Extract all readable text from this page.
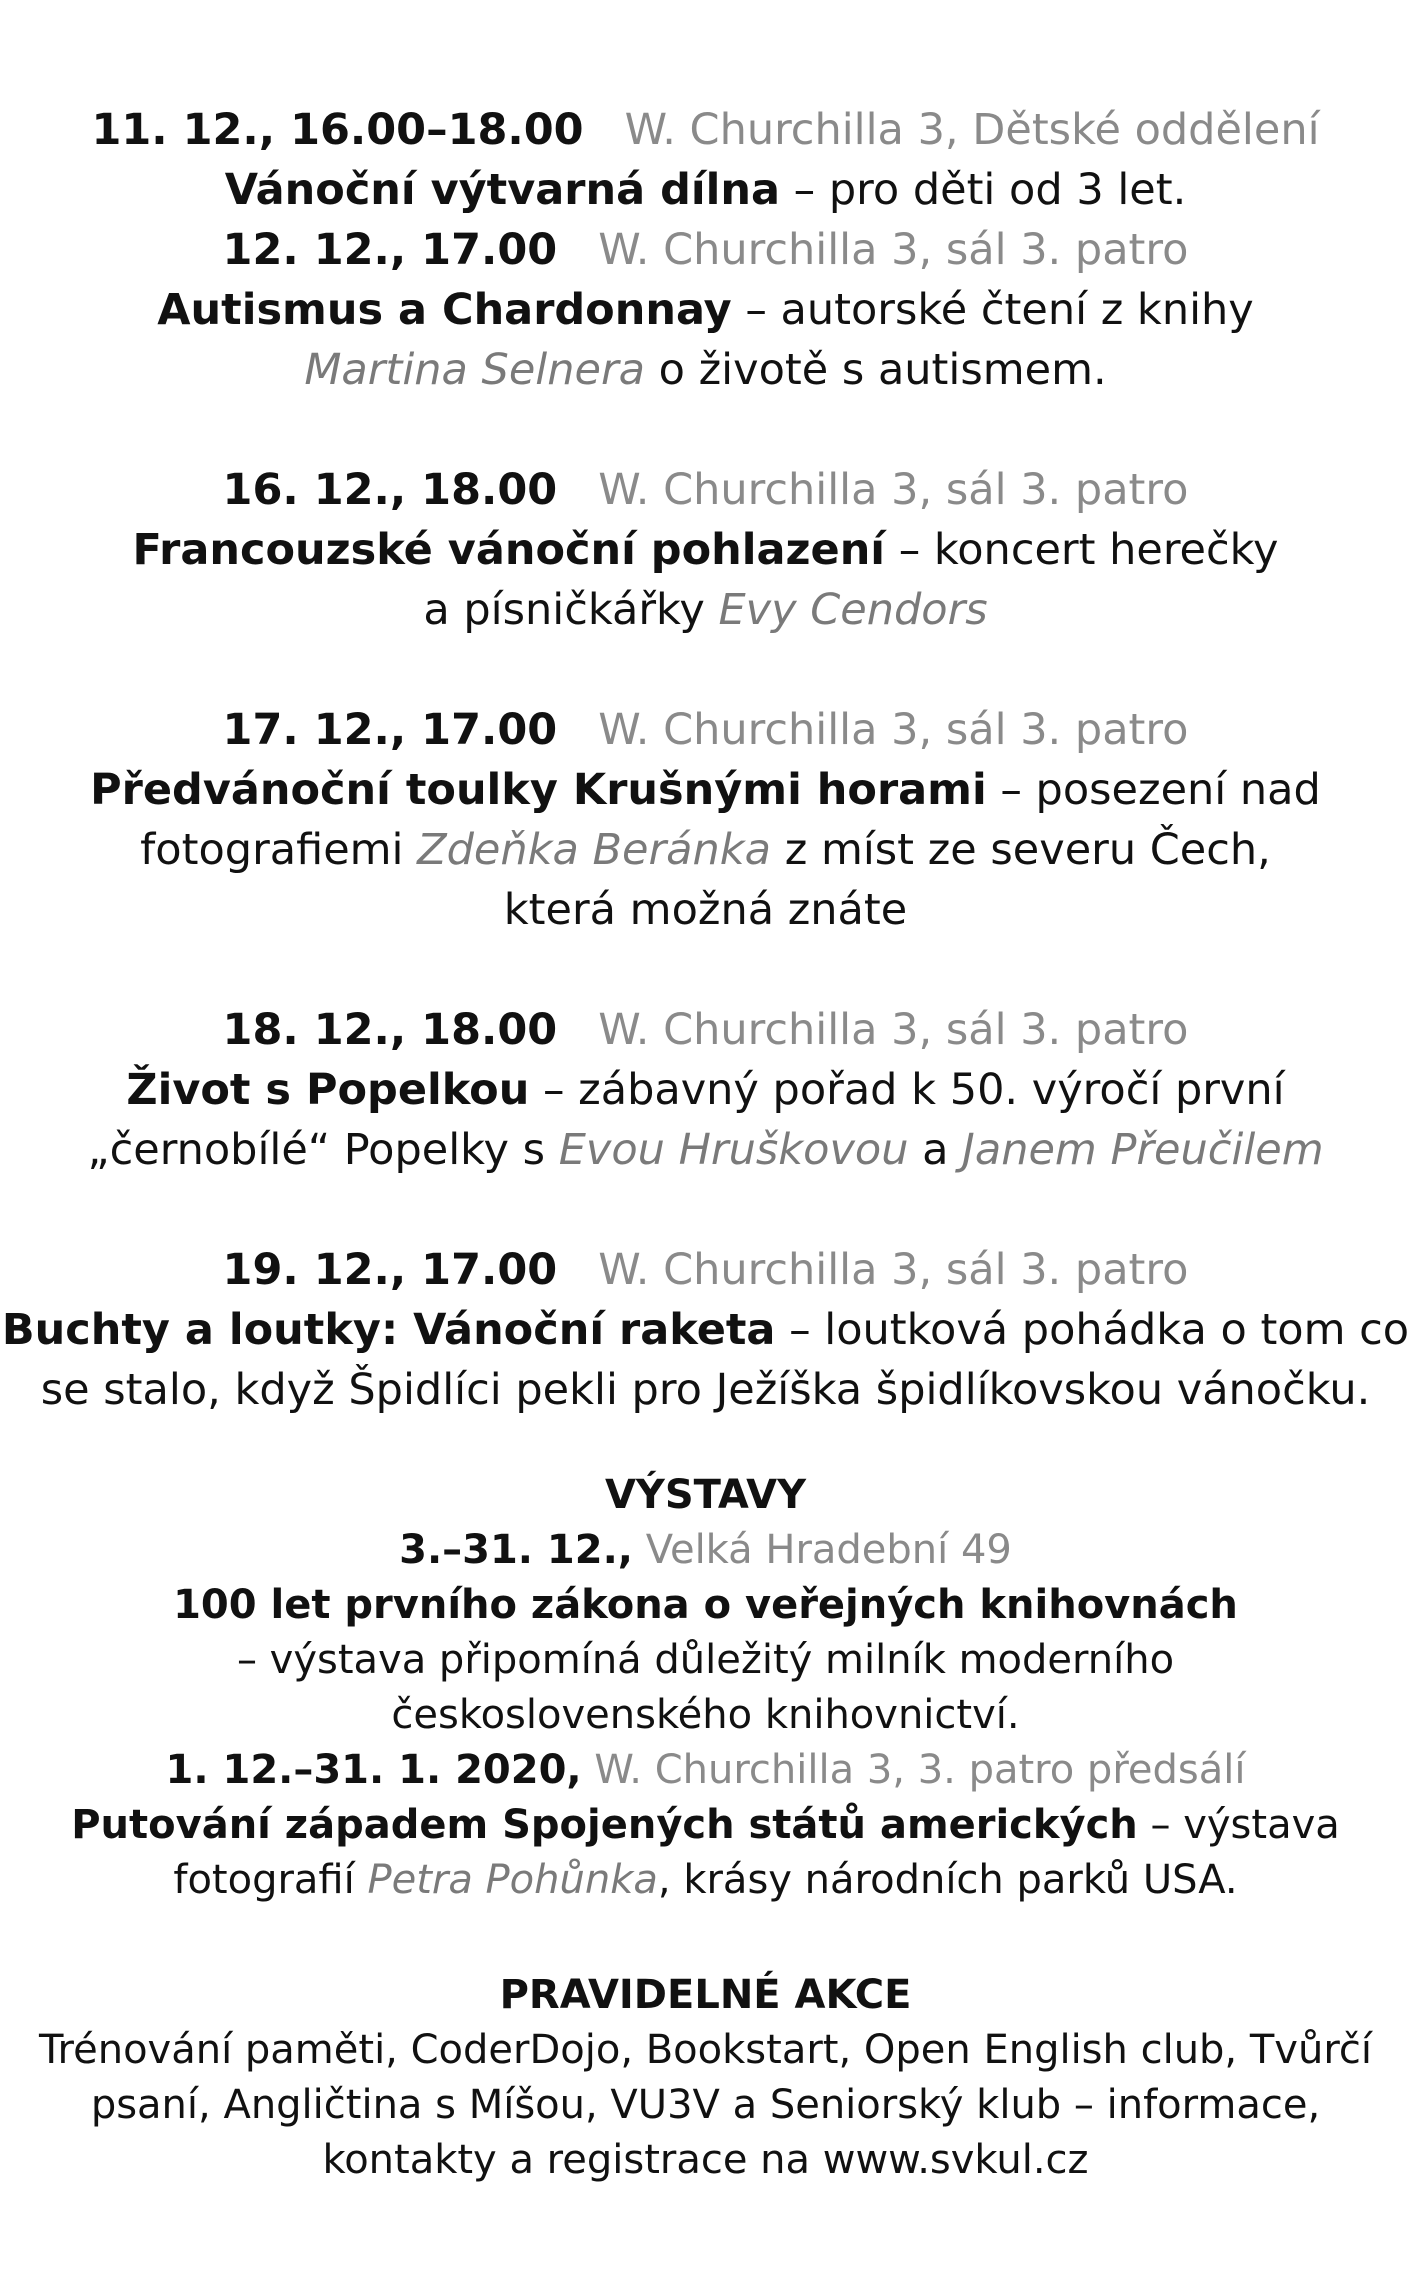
11. 12., 16.00–18.00 W. Churchilla 3, Dětské oddělení
Vánoční výtvarná dílna – pro děti od 3 let.
12. 12., 17.00 W. Churchilla 3, sál 3. patro
Autismus a Chardonnay – autorské čtení z knihy
Martina Selnera o životě s autismem.
16. 12., 18.00 W. Churchilla 3, sál 3. patro
Francouzské vánoční pohlazení – koncert herečky
a písničkářky Evy Cendors
17. 12., 17.00 W. Churchilla 3, sál 3. patro
Předvánoční toulky Krušnými horami – posezení nad
fotografiemi Zdeňka Beránka z míst ze severu Čech,
která možná znáte
18. 12., 18.00 W. Churchilla 3, sál 3. patro
Život s Popelkou – zábavný pořad k 50. výročí první
„černobílé“ Popelky s Evou Hruškovou a Janem Přeučilem
19. 12., 17.00 W. Churchilla 3, sál 3. patro
Buchty a loutky: Vánoční raketa – loutková pohádka o tom co
se stalo, když Špidlíci pekli pro Ježíška špidlíkovskou vánočku.
VÝSTAVY
3.–31. 12., Velká Hradební 49
100 let prvního zákona o veřejných knihovnách
– výstava připomíná důležitý milník moderního
československého knihovnictví.
1. 12.–31. 1. 2020, W. Churchilla 3, 3. patro předsálí
Putování západem Spojených států amerických – výstava
fotografií Petra Pohůnka, krásy národních parků USA.
PRAVIDELNÉ AKCE
Trénování paměti, CoderDojo, Bookstart, Open English club, Tvůrčí
psaní, Angličtina s Míšou, VU3V a Seniorský klub – informace,
kontakty a registrace na www.svkul.cz
